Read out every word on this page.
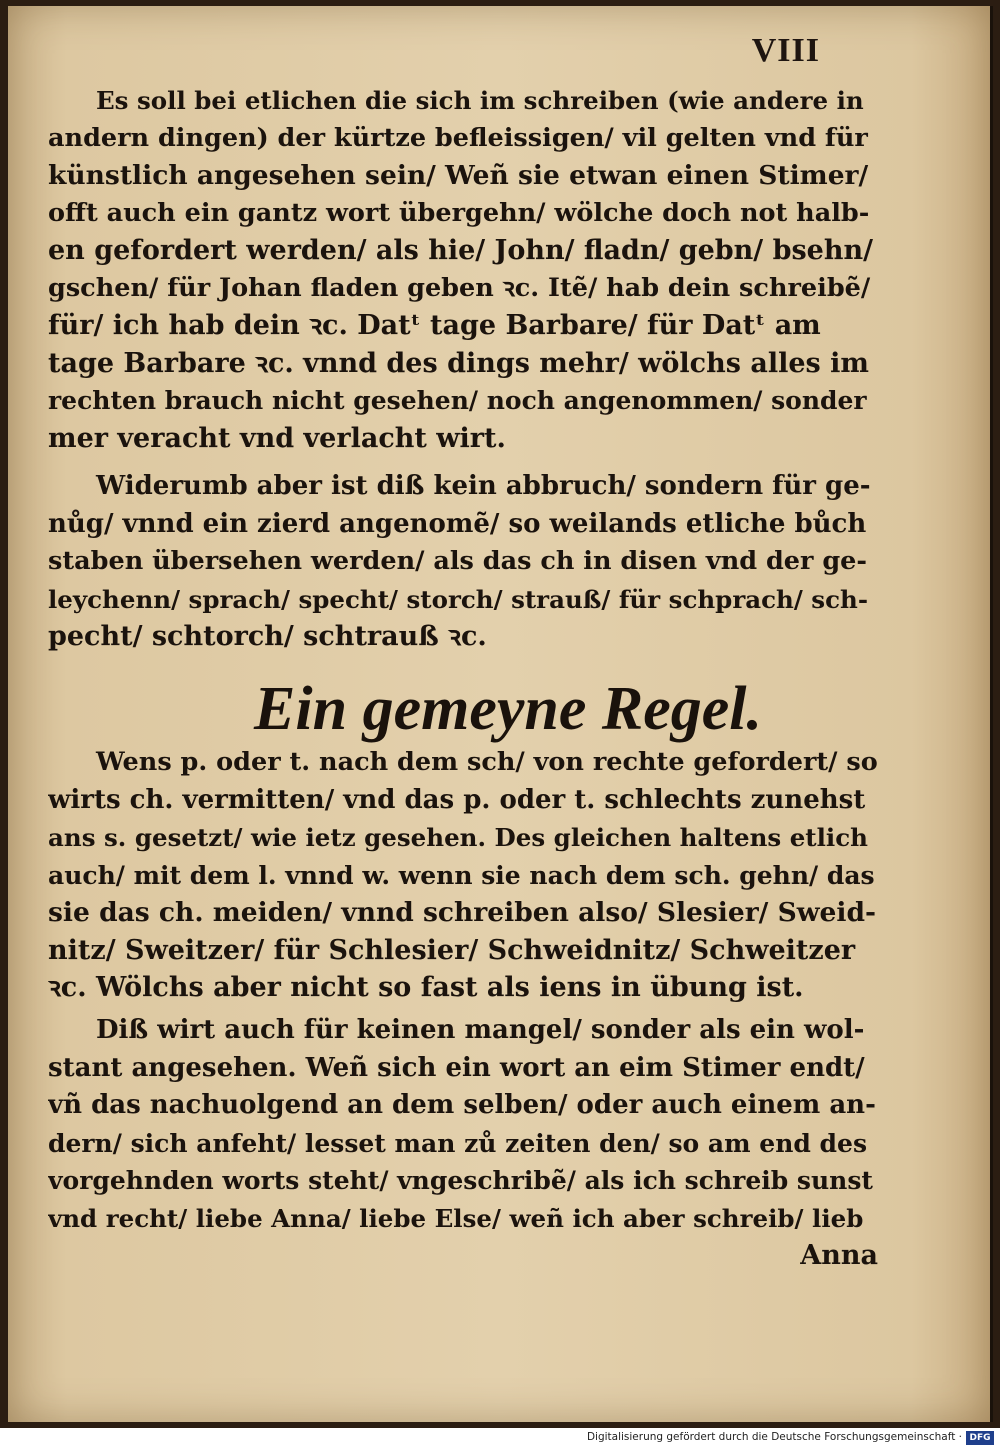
VIII
Es soll bei etlichen die sich im schreiben (wie andere in
andern dingen) der kürtze befleissigen/ vil gelten vnd für
künstlich angesehen sein/ Weñ sie etwan einen Stimer/
offt auch ein gantz wort übergehn/ wölche doch not halb-
en gefordert werden/ als hie/ John/ fladn/ gebn/ bsehn/
gschen/ für Johan fladen geben ꝛc. Itẽ/ hab dein schreibẽ/
für/ ich hab dein ꝛc. Datᵗ tage Barbare/ für Datᵗ am
tage Barbare ꝛc. vnnd des dings mehr/ wölchs alles im
rechten brauch nicht gesehen/ noch angenommen/ sonder
mer veracht vnd verlacht wirt.
Widerumb aber ist diß kein abbruch/ sondern für ge-
nůg/ vnnd ein zierd angenomẽ/ so weilands etliche bůch
staben übersehen werden/ als das ch in disen vnd der ge-
leychenn/ sprach/ specht/ storch/ strauß/ für schprach/ sch-
pecht/ schtorch/ schtrauß ꝛc.
Ein gemeyne Regel.
Wens p. oder t. nach dem sch/ von rechte gefordert/ so
wirts ch. vermitten/ vnd das p. oder t. schlechts zunehst
ans s. gesetzt/ wie ietz gesehen. Des gleichen haltens etlich
auch/ mit dem l. vnnd w. wenn sie nach dem sch. gehn/ das
sie das ch. meiden/ vnnd schreiben also/ Slesier/ Sweid-
nitz/ Sweitzer/ für Schlesier/ Schweidnitz/ Schweitzer
ꝛc. Wölchs aber nicht so fast als iens in übung ist.
Diß wirt auch für keinen mangel/ sonder als ein wol-
stant angesehen. Weñ sich ein wort an eim Stimer endt/
vñ das nachuolgend an dem selben/ oder auch einem an-
dern/ sich anfeht/ lesset man zů zeiten den/ so am end des
vorgehnden worts steht/ vngeschribẽ/ als ich schreib sunst
vnd recht/ liebe Anna/ liebe Else/ weñ ich aber schreib/ lieb
Anna
Digitalisierung gefördert durch die Deutsche Forschungsgemeinschaft · DFG
